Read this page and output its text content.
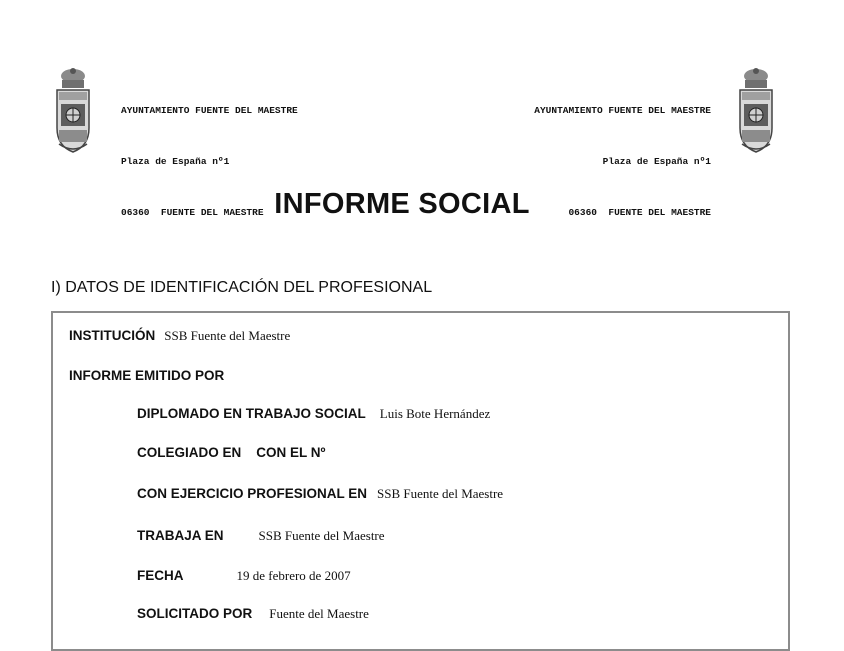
AYUNTAMIENTO FUENTE DEL MAESTRE

Plaza de España nº1

06360  FUENTE DEL MAESTRE

AYUNTAMIENTO FUENTE DEL MAESTRE

Plaza de España nº1

06360  FUENTE DEL MAESTRE

INFORME SOCIAL
I) DATOS DE IDENTIFICACIÓN DEL PROFESIONAL
INSTITUCIÓN SSB Fuente del Maestre
INFORME EMITIDO POR
DIPLOMADO EN TRABAJO SOCIAL Luis Bote Hernández
COLEGIADO EN CON EL Nº
CON EJERCICIO PROFESIONAL EN SSB Fuente del Maestre
TRABAJA EN	SSB Fuente del Maestre
FECHA	19 de febrero de 2007
SOLICITADO POR Fuente del Maestre
